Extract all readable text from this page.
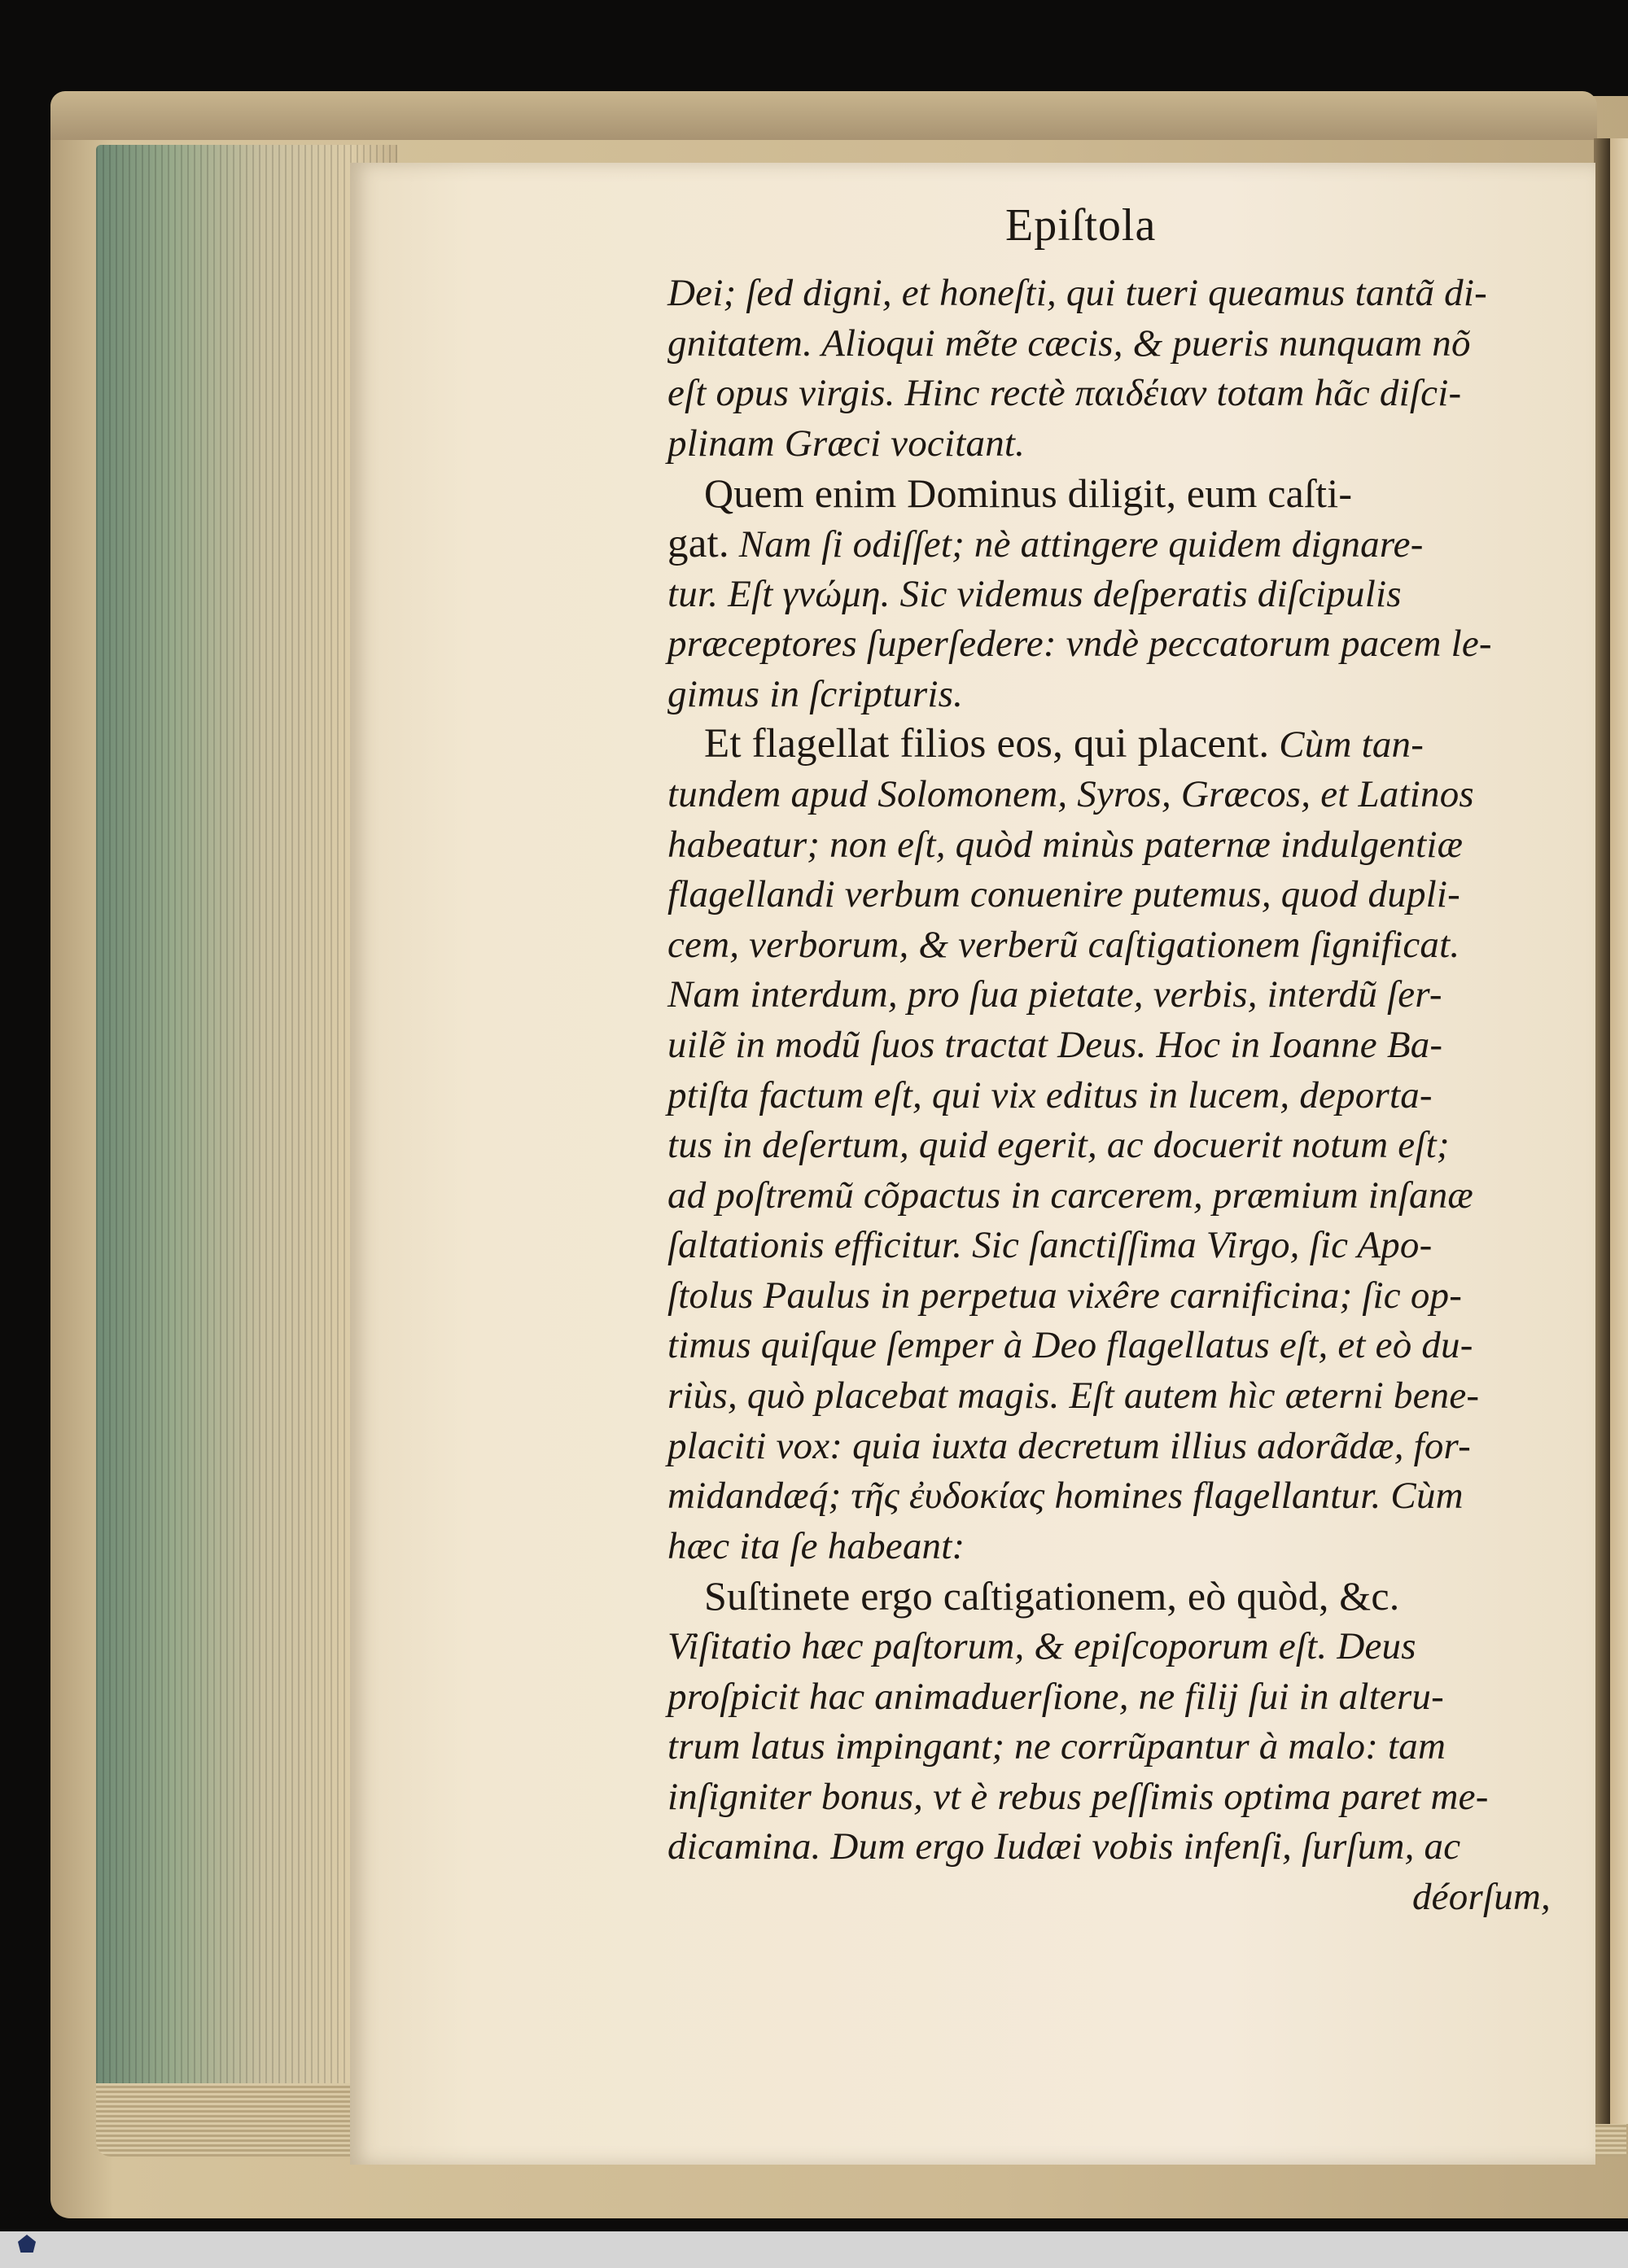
Epiſtola
Dei; ſed digni, et honeſti, qui tueri queamus tantã di-
gnitatem. Alioqui mẽte cæcis, & pueris nunquam nõ
eſt opus virgis. Hinc rectè παιδέιαν totam hãc diſci-
plinam Græci vocitant.
Quem enim Dominus diligit, eum caſti-
gat. Nam ſi odiſſet; nè attingere quidem dignare-
tur. Eſt γνώμη. Sic videmus deſperatis diſcipulis
præceptores ſuperſedere: vndè peccatorum pacem le-
gimus in ſcripturis.
Et flagellat filios eos, qui placent. Cùm tan-
tundem apud Solomonem, Syros, Græcos, et Latinos
habeatur; non eſt, quòd minùs paternæ indulgentiæ
flagellandi verbum conuenire putemus, quod dupli-
cem, verborum, & verberũ caſtigationem ſignificat.
Nam interdum, pro ſua pietate, verbis, interdũ ſer-
uilẽ in modũ ſuos tractat Deus. Hoc in Ioanne Ba-
ptiſta factum eſt, qui vix editus in lucem, deporta-
tus in deſertum, quid egerit, ac docuerit notum eſt;
ad poſtremũ cõpactus in carcerem, præmium inſanæ
ſaltationis efficitur. Sic ſanctiſſima Virgo, ſic Apo-
ſtolus Paulus in perpetua vixêre carnificina; ſic op-
timus quiſque ſemper à Deo flagellatus eſt, et eò du-
riùs, quò placebat magis. Eſt autem hìc æterni bene-
placiti vox: quia iuxta decretum illius adorãdæ, for-
midandæq́; τῆς ἐυδοκίας homines flagellantur. Cùm
hæc ita ſe habeant:
Suſtinete ergo caſtigationem, eò quòd, &c.
Viſitatio hæc paſtorum, & epiſcoporum eſt. Deus
proſpicit hac animaduerſione, ne filij ſui in alteru-
trum latus impingant; ne corrũpantur à malo: tam
inſigniter bonus, vt è rebus peſſimis optima paret me-
dicamina. Dum ergo Iudæi vobis infenſi, ſurſum, ac
déorſum,
